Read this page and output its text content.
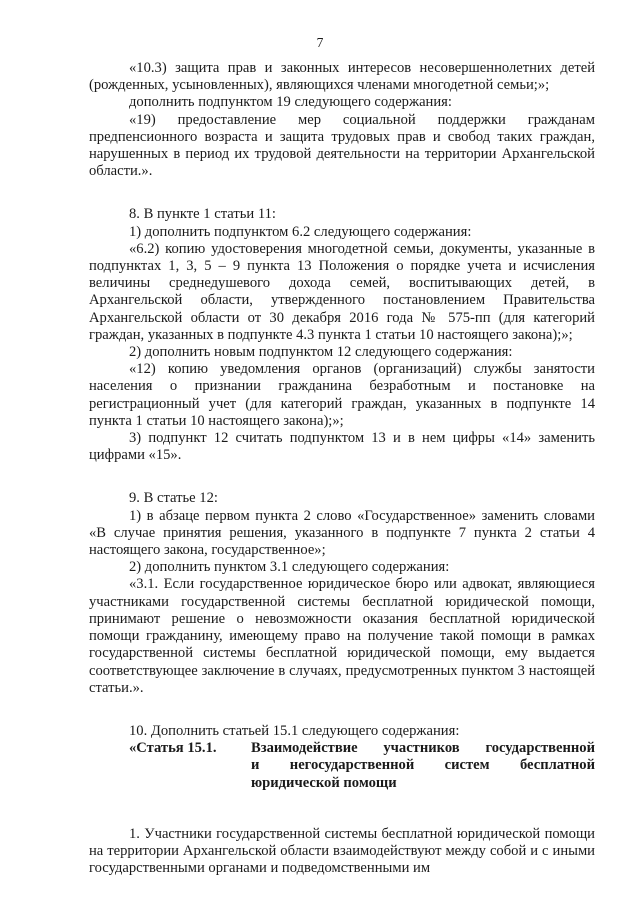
7

«10.3) защита прав и законных интересов несовершеннолетних детей (рожденных, усыновленных), являющихся членами многодетной семьи;»;

дополнить подпунктом 19 следующего содержания:

«19) предоставление мер социальной поддержки гражданам предпенсионного возраста и защита трудовых прав и свобод таких граждан, нарушенных в период их трудовой деятельности на территории Архангельской области.».

8. В пункте 1 статьи 11:

1) дополнить подпунктом 6.2 следующего содержания:

«6.2) копию удостоверения многодетной семьи, документы, указанные в подпунктах 1, 3, 5 – 9 пункта 13 Положения о порядке учета и исчисления величины среднедушевого дохода семей, воспитывающих детей, в Архангельской области, утвержденного постановлением Правительства Архангельской области от 30 декабря 2016 года № 575-пп (для категорий граждан, указанных в подпункте 4.3 пункта 1 статьи 10 настоящего закона);»;

2) дополнить новым подпунктом 12 следующего содержания:

«12) копию уведомления органов (организаций) службы занятости населения о признании гражданина безработным и постановке на регистрационный учет (для категорий граждан, указанных в подпункте 14 пункта 1 статьи 10 настоящего закона);»;

3) подпункт 12 считать подпунктом 13 и в нем цифры «14» заменить цифрами «15».

9. В статье 12:

1) в абзаце первом пункта 2 слово «Государственное» заменить словами «В случае принятия решения, указанного в подпункте 7 пункта 2 статьи 4 настоящего закона, государственное»;

2) дополнить пунктом 3.1 следующего содержания:

«3.1. Если государственное юридическое бюро или адвокат, являющиеся участниками государственной системы бесплатной юридической помощи, принимают решение о невозможности оказания бесплатной юридической помощи гражданину, имеющему право на получение такой помощи в рамках государственной системы бесплатной юридической помощи, ему выдается соответствующее заключение в случаях, предусмотренных пунктом 3 настоящей статьи.».

10. Дополнить статьей 15.1 следующего содержания:

«Статья 15.1.	Взаимодействие участников государственной
и негосударственной систем бесплатной
юридической помощи

1. Участники государственной системы бесплатной юридической помощи на территории Архангельской области взаимодействуют между собой и с иными государственными органами и подведомственными им
